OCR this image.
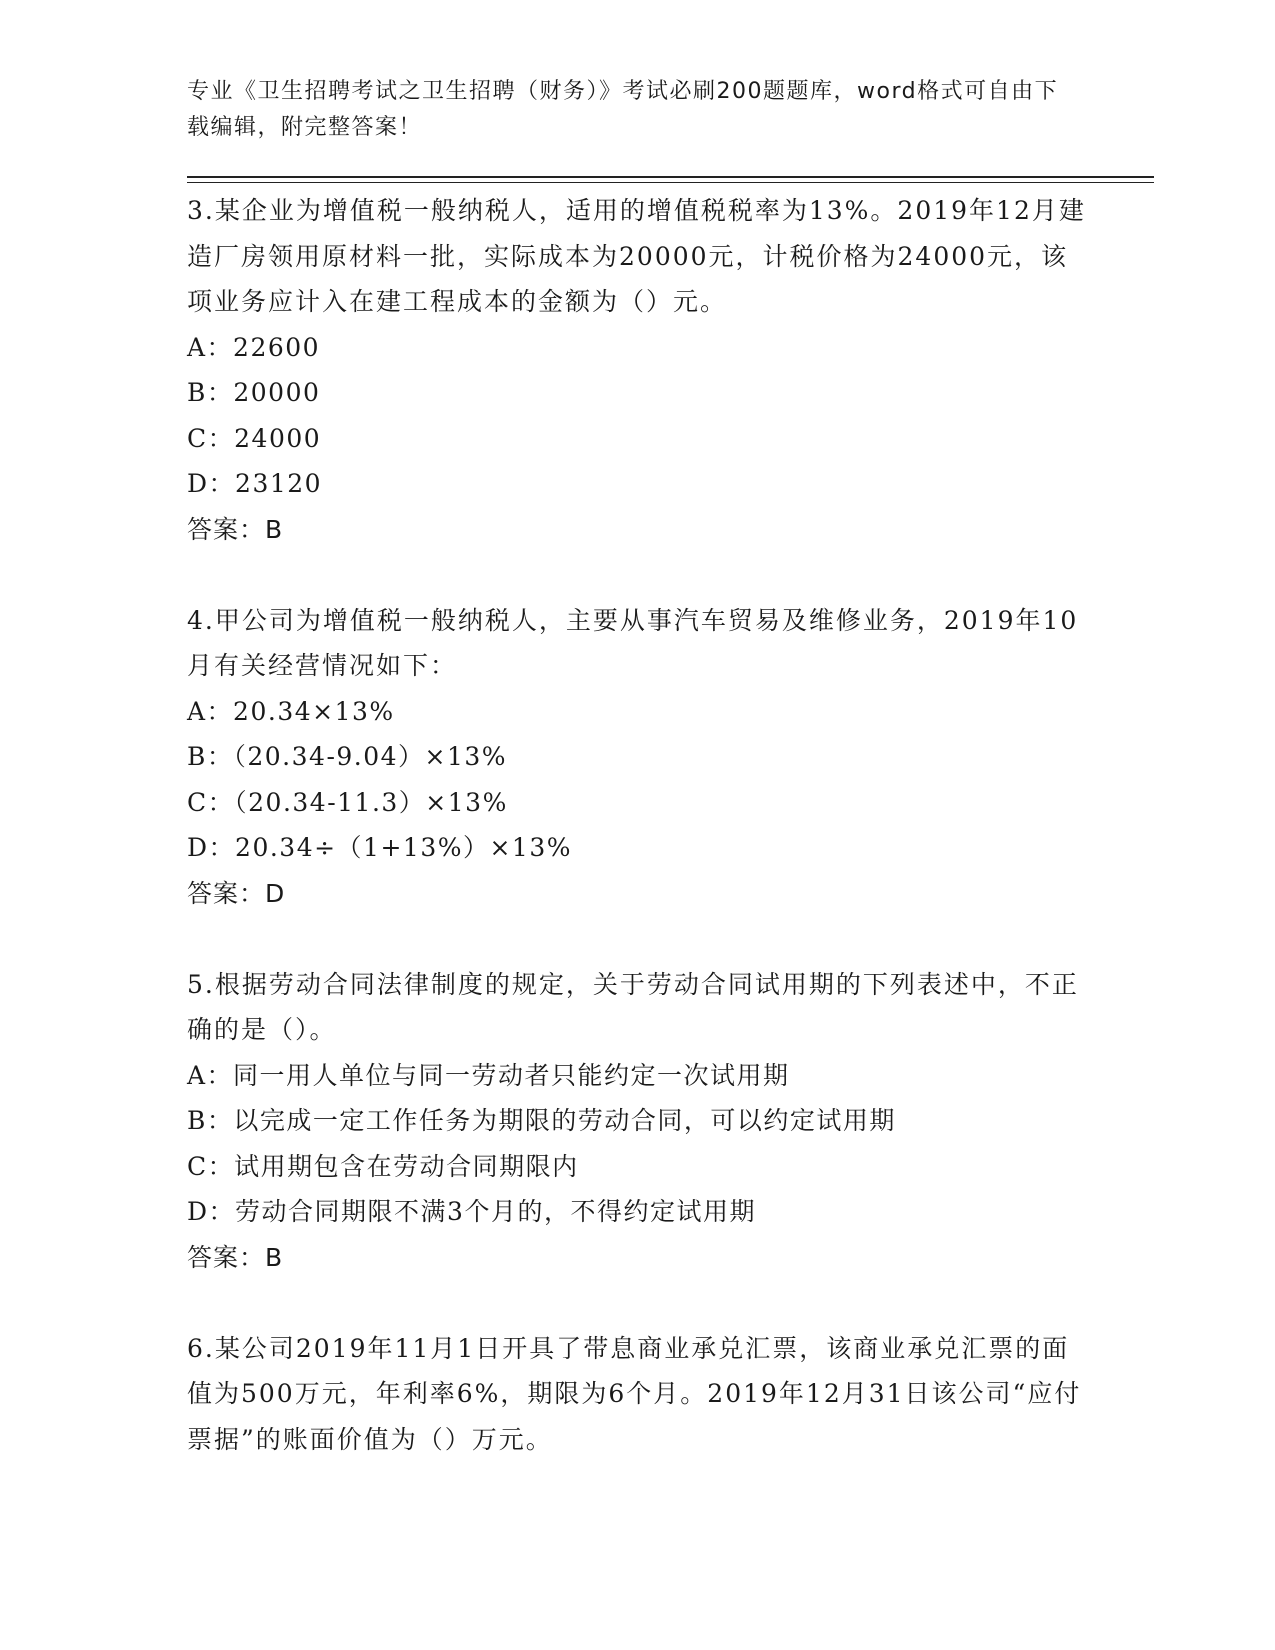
专业《卫生招聘考试之卫生招聘（财务）》考试必刷200题题库，word格式可自由下载编辑，附完整答案！

3.某企业为增值税一般纳税人，适用的增值税税率为13%。2019年12月建造厂房领用原材料一批，实际成本为20000元，计税价格为24000元，该项业务应计入在建工程成本的金额为（）元。

A：22600

B：20000

C：24000

D：23120

答案：B

4.甲公司为增值税一般纳税人，主要从事汽车贸易及维修业务，2019年10月有关经营情况如下：

A：20.34×13%

B：（20.34-9.04）×13%

C：（20.34-11.3）×13%

D：20.34÷（1+13%）×13%

答案：D

5.根据劳动合同法律制度的规定，关于劳动合同试用期的下列表述中，不正确的是（）。

A：同一用人单位与同一劳动者只能约定一次试用期

B：以完成一定工作任务为期限的劳动合同，可以约定试用期

C：试用期包含在劳动合同期限内

D：劳动合同期限不满3个月的，不得约定试用期

答案：B

6.某公司2019年11月1日开具了带息商业承兑汇票，该商业承兑汇票的面值为500万元，年利率6%，期限为6个月。2019年12月31日该公司“应付票据”的账面价值为（）万元。
